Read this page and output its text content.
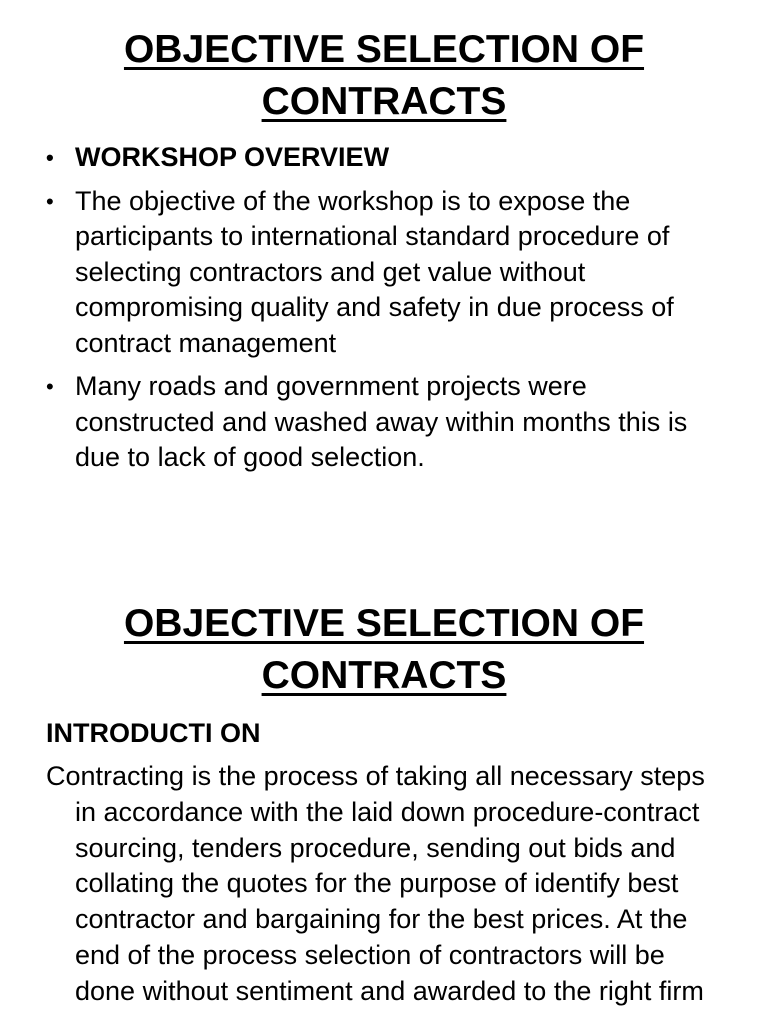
OBJECTIVE SELECTION OF
CONTRACTS
• WORKSHOP OVERVIEW
• The objective of the workshop is to expose the participants to international standard procedure of selecting contractors and get value without compromising quality and safety in due process of contract management
• Many roads and government projects were constructed and washed away within months this is due to lack of good selection.
OBJECTIVE SELECTION OF
CONTRACTS
INTRODUCTI ON

Contracting is the process of taking all necessary steps in accordance with the laid down procedure-contract sourcing, tenders procedure, sending out bids and collating the quotes for the purpose of identify best contractor and bargaining for the best prices. At the end of the process selection of contractors will be done without sentiment and awarded to the right firm
